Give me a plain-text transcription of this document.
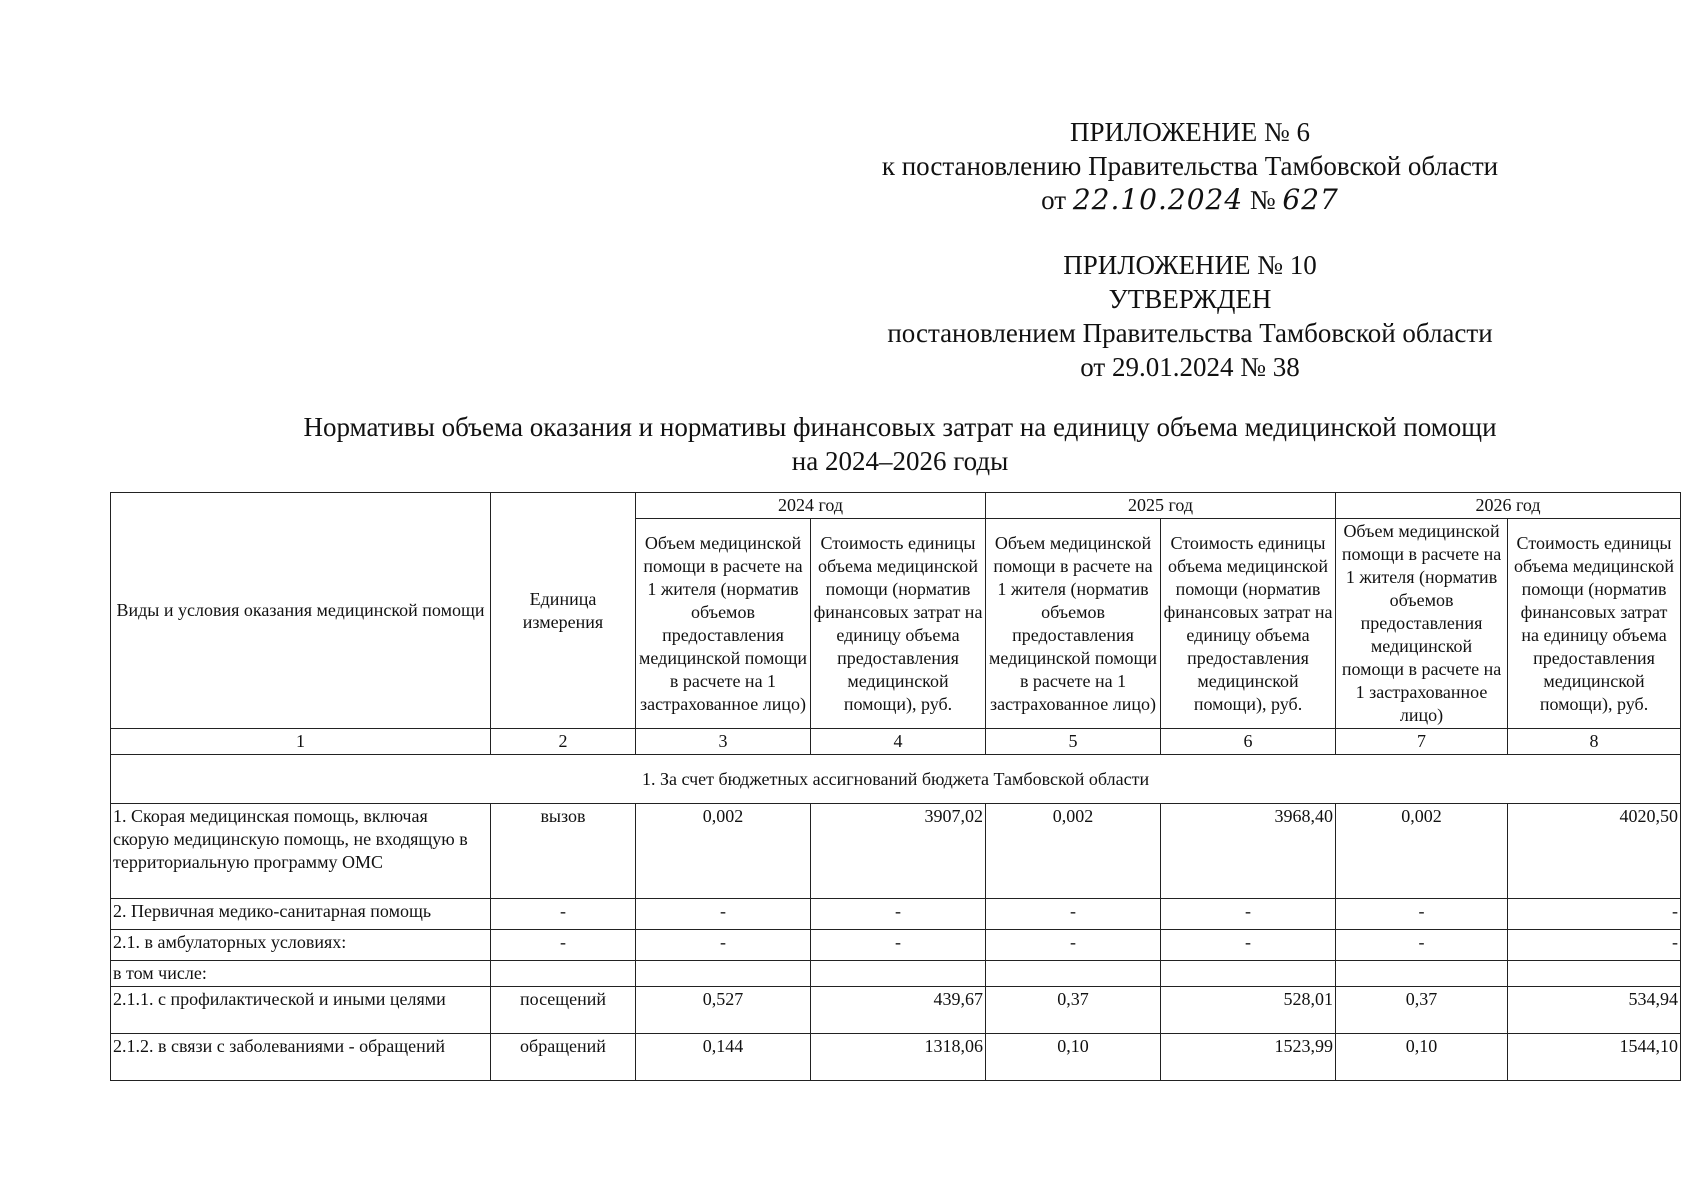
ПРИЛОЖЕНИЕ № 6
к постановлению Правительства Тамбовской области
от 22.10.2024 № 627
ПРИЛОЖЕНИЕ № 10
УТВЕРЖДЕН
постановлением Правительства Тамбовской области
от 29.01.2024 № 38
Нормативы объема оказания и нормативы финансовых затрат на единицу объема медицинской помощи
на 2024–2026 годы
Виды и условия оказания медицинской помощи	Единица измерения	2024 год		2025 год		2026 год	
		Объем медицинской помощи в расчете на 1 жителя (норматив объемов предоставления медицинской помощи в расчете на 1 застрахованное лицо)	Стоимость единицы объема медицинской помощи (норматив финансовых затрат на единицу объема предоставления медицинской помощи), руб.	Объем медицинской помощи в расчете на 1 жителя (норматив объемов предоставления медицинской помощи в расчете на 1 застрахованное лицо)	Стоимость единицы объема медицинской помощи (норматив финансовых затрат на единицу объема предоставления медицинской помощи), руб.	Объем медицинской помощи в расчете на 1 жителя (норматив объемов предоставления медицинской помощи в расчете на 1 застрахованное лицо)	Стоимость единицы объема медицинской помощи (норматив финансовых затрат на единицу объема предоставления медицинской помощи), руб.
1	2	3	4	5	6	7	8
1. За счет бюджетных ассигнований бюджета Тамбовской области							
1. Скорая медицинская помощь, включая скорую медицинскую помощь, не входящую в территориальную программу ОМС	вызов	0,002	3907,02	0,002	3968,40	0,002	4020,50
2. Первичная медико-санитарная помощь	-	-	-	-	-	-	-
2.1. в амбулаторных условиях:	-	-	-	-	-	-	-
в том числе:							
2.1.1. с профилактической и иными целями	посещений	0,527	439,67	0,37	528,01	0,37	534,94
2.1.2. в связи с заболеваниями - обращений	обращений	0,144	1318,06	0,10	1523,99	0,10	1544,10
